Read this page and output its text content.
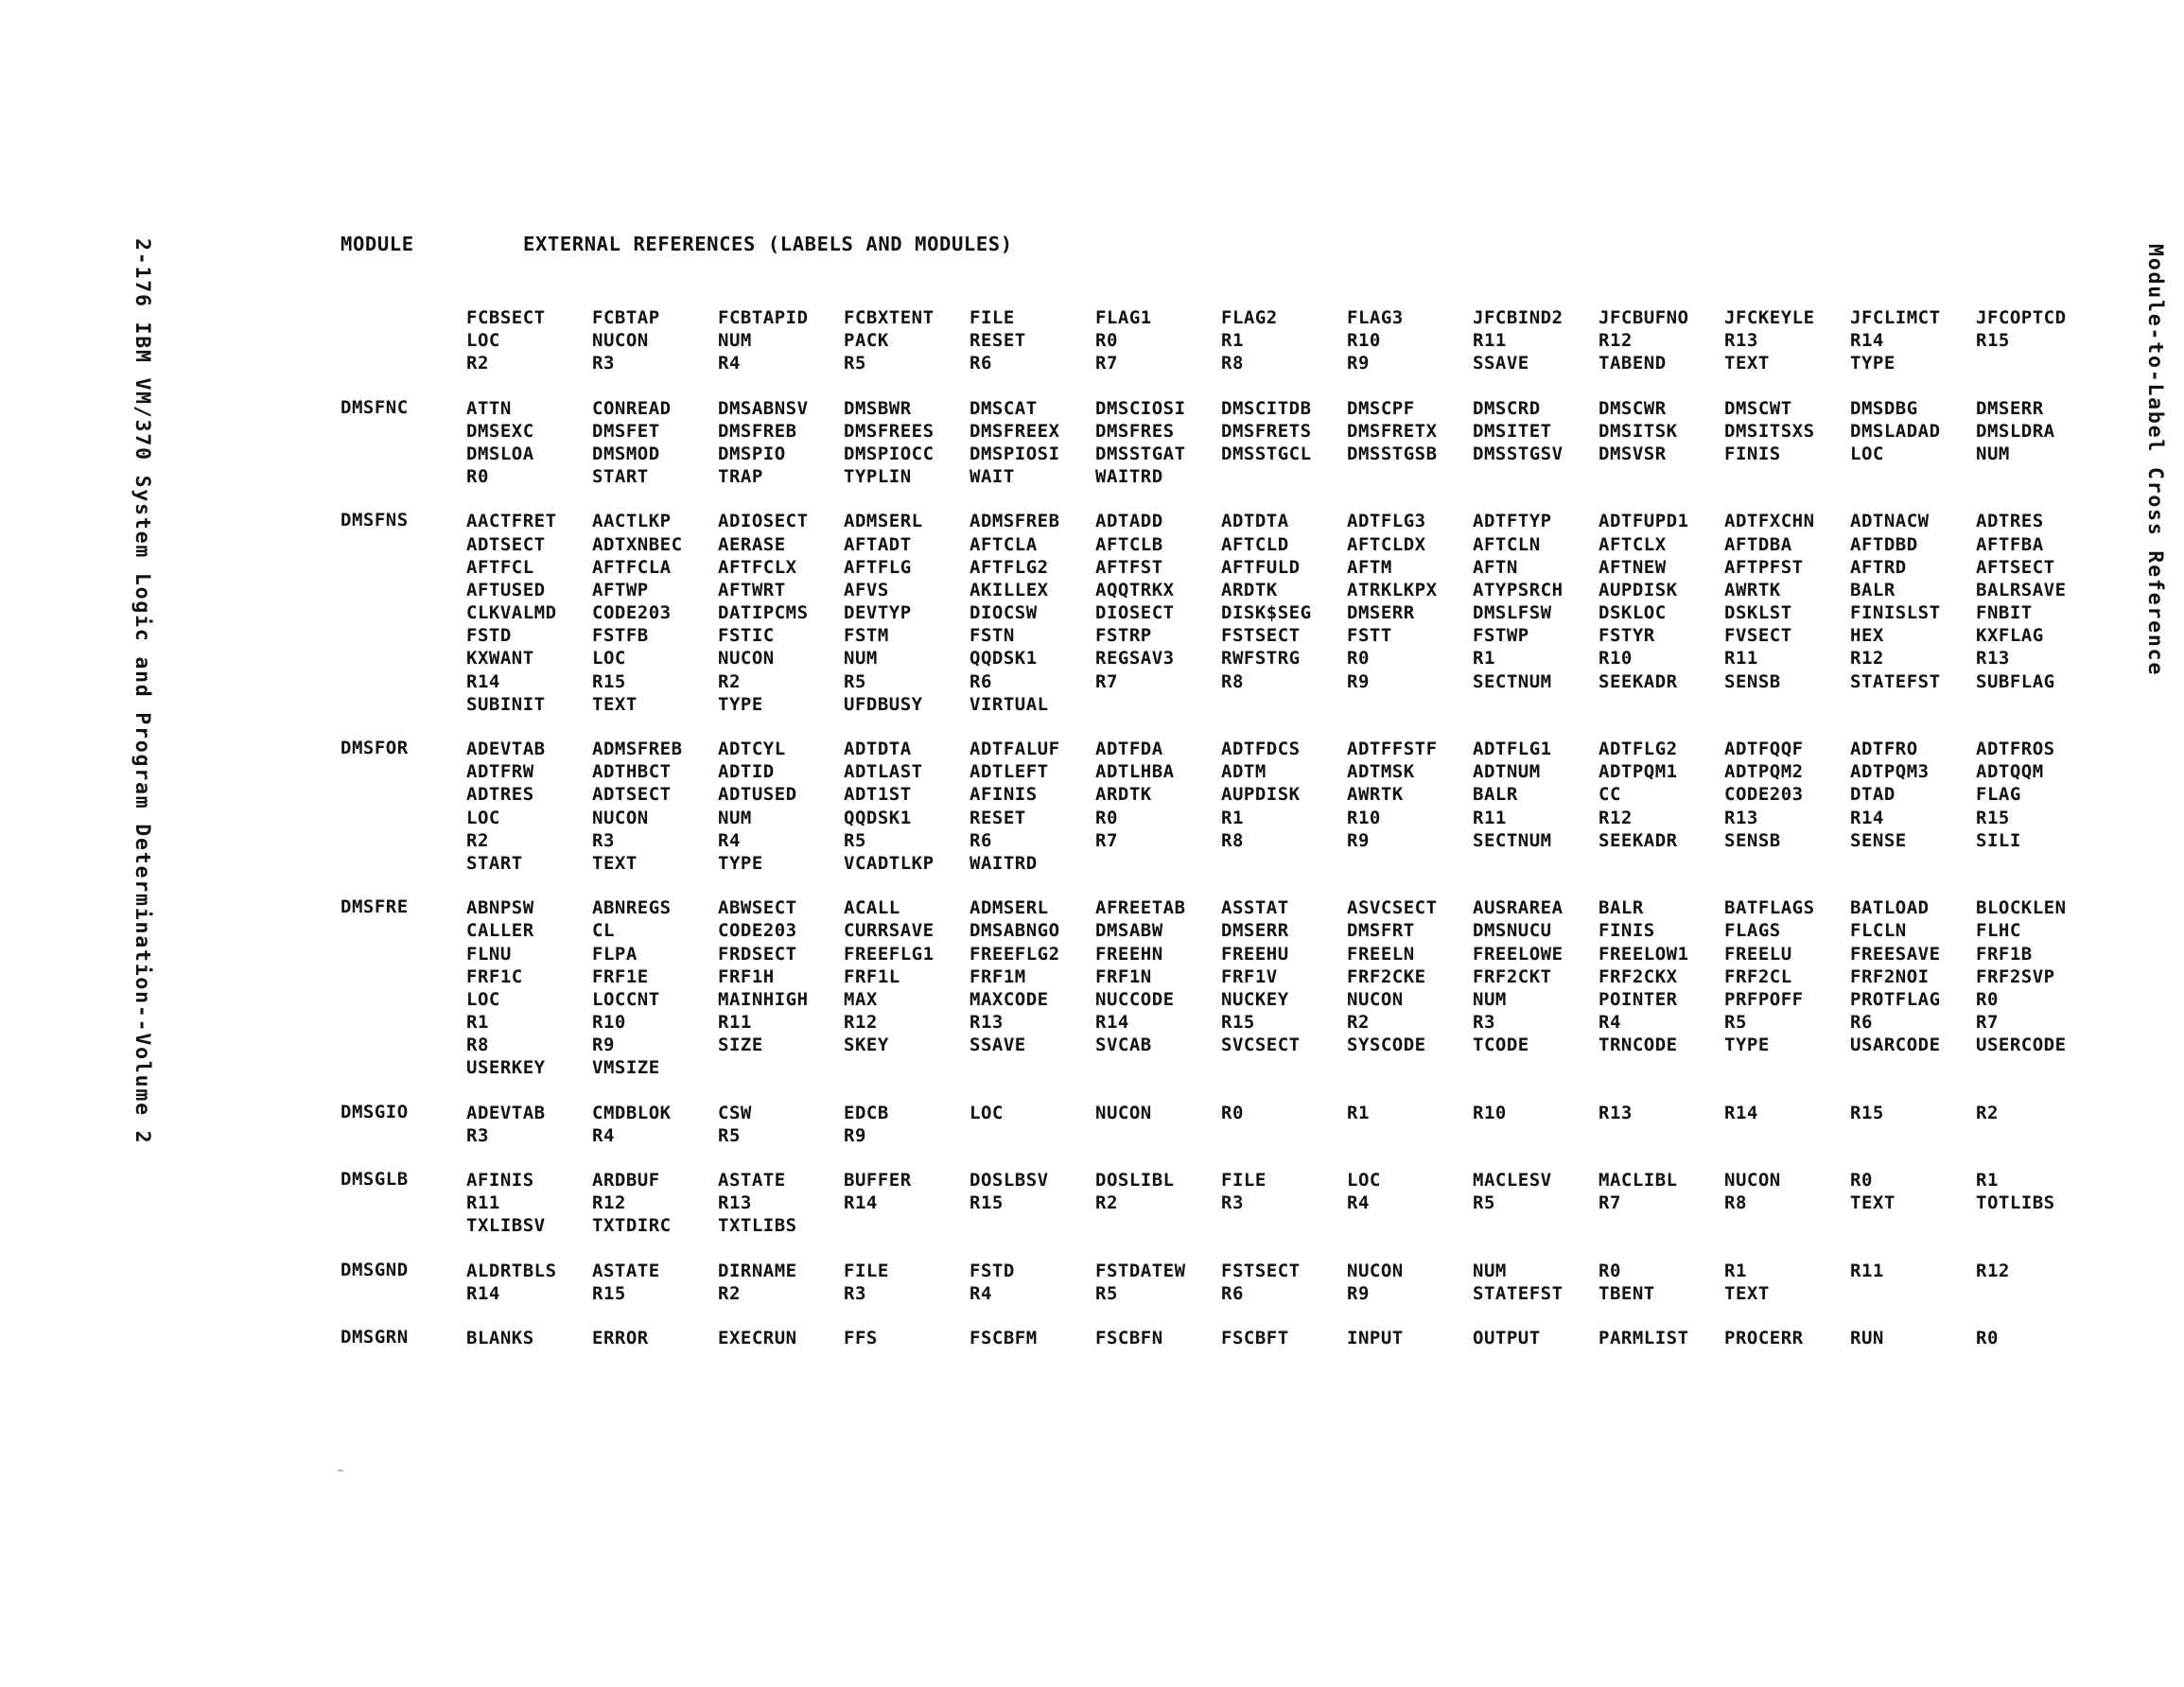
2-176 IBM VM/370 System Logic and Program Determination--Volume 2	Module-to-Label Cross Reference
MODULE	EXTERNAL REFERENCES (LABELS AND MODULES)
FCBSECT	FCBTAP	FCBTAPID	FCBXTENT	FILE	FLAG1	FLAG2	FLAG3	JFCBIND2	JFCBUFNO	JFCKEYLE	JFCLIMCT	JFCOPTCD
LOC	NUCON	NUM	PACK	RESET	R0	R1	R10	R11	R12	R13	R14	R15
R2	R3	R4	R5	R6	R7	R8	R9	SSAVE	TABEND	TEXT	TYPE
DMSFNC	ATTN	CONREAD	DMSABNSV	DMSBWR	DMSCAT	DMSCIOSI	DMSCITDB	DMSCPF	DMSCRD	DMSCWR	DMSCWT	DMSDBG	DMSERR
DMSEXC	DMSFET	DMSFREB	DMSFREES	DMSFREEX	DMSFRES	DMSFRETS	DMSFRETX	DMSITET	DMSITSK	DMSITSXS	DMSLADAD	DMSLDRA
DMSLOA	DMSMOD	DMSPIO	DMSPIOCC	DMSPIOSI	DMSSTGAT	DMSSTGCL	DMSSTGSB	DMSSTGSV	DMSVSR	FINIS	LOC	NUM
R0	START	TRAP	TYPLIN	WAIT	WAITRD
DMSFNS	AACTFRET	AACTLKP	ADIOSECT	ADMSERL	ADMSFREB	ADTADD	ADTDTA	ADTFLG3	ADTFTYP	ADTFUPD1	ADTFXCHN	ADTNACW	ADTRES
ADTSECT	ADTXNBEC	AERASE	AFTADT	AFTCLA	AFTCLB	AFTCLD	AFTCLDX	AFTCLN	AFTCLX	AFTDBA	AFTDBD	AFTFBA
AFTFCL	AFTFCLA	AFTFCLX	AFTFLG	AFTFLG2	AFTFST	AFTFULD	AFTM	AFTN	AFTNEW	AFTPFST	AFTRD	AFTSECT
AFTUSED	AFTWP	AFTWRT	AFVS	AKILLEX	AQQTRKX	ARDTK	ATRKLKPX	ATYPSRCH	AUPDISK	AWRTK	BALR	BALRSAVE
CLKVALMD	CODE203	DATIPCMS	DEVTYP	DIOCSW	DIOSECT	DISK$SEG	DMSERR	DMSLFSW	DSKLOC	DSKLST	FINISLST	FNBIT
FSTD	FSTFB	FSTIC	FSTM	FSTN	FSTRP	FSTSECT	FSTT	FSTWP	FSTYR	FVSECT	HEX	KXFLAG
KXWANT	LOC	NUCON	NUM	QQDSK1	REGSAV3	RWFSTRG	R0	R1	R10	R11	R12	R13
R14	R15	R2	R5	R6	R7	R8	R9	SECTNUM	SEEKADR	SENSB	STATEFST	SUBFLAG
SUBINIT	TEXT	TYPE	UFDBUSY	VIRTUAL
DMSFOR	ADEVTAB	ADMSFREB	ADTCYL	ADTDTA	ADTFALUF	ADTFDA	ADTFDCS	ADTFFSTF	ADTFLG1	ADTFLG2	ADTFQQF	ADTFRO	ADTFROS
ADTFRW	ADTHBCT	ADTID	ADTLAST	ADTLEFT	ADTLHBA	ADTM	ADTMSK	ADTNUM	ADTPQM1	ADTPQM2	ADTPQM3	ADTQQM
ADTRES	ADTSECT	ADTUSED	ADT1ST	AFINIS	ARDTK	AUPDISK	AWRTK	BALR	CC	CODE203	DTAD	FLAG
LOC	NUCON	NUM	QQDSK1	RESET	R0	R1	R10	R11	R12	R13	R14	R15
R2	R3	R4	R5	R6	R7	R8	R9	SECTNUM	SEEKADR	SENSB	SENSE	SILI
START	TEXT	TYPE	VCADTLKP	WAITRD
DMSFRE	ABNPSW	ABNREGS	ABWSECT	ACALL	ADMSERL	AFREETAB	ASSTAT	ASVCSECT	AUSRAREA	BALR	BATFLAGS	BATLOAD	BLOCKLEN
CALLER	CL	CODE203	CURRSAVE	DMSABNGO	DMSABW	DMSERR	DMSFRT	DMSNUCU	FINIS	FLAGS	FLCLN	FLHC
FLNU	FLPA	FRDSECT	FREEFLG1	FREEFLG2	FREEHN	FREEHU	FREELN	FREELOWE	FREELOW1	FREELU	FREESAVE	FRF1B
FRF1C	FRF1E	FRF1H	FRF1L	FRF1M	FRF1N	FRF1V	FRF2CKE	FRF2CKT	FRF2CKX	FRF2CL	FRF2NOI	FRF2SVP
LOC	LOCCNT	MAINHIGH	MAX	MAXCODE	NUCCODE	NUCKEY	NUCON	NUM	POINTER	PRFPOFF	PROTFLAG	R0
R1	R10	R11	R12	R13	R14	R15	R2	R3	R4	R5	R6	R7
R8	R9	SIZE	SKEY	SSAVE	SVCAB	SVCSECT	SYSCODE	TCODE	TRNCODE	TYPE	USARCODE	USERCODE
USERKEY	VMSIZE
DMSGIO	ADEVTAB	CMDBLOK	CSW	EDCB	LOC	NUCON	R0	R1	R10	R13	R14	R15	R2
R3	R4	R5	R9
DMSGLB	AFINIS	ARDBUF	ASTATE	BUFFER	DOSLBSV	DOSLIBL	FILE	LOC	MACLESV	MACLIBL	NUCON	R0	R1
R11	R12	R13	R14	R15	R2	R3	R4	R5	R7	R8	TEXT	TOTLIBS
TXLIBSV	TXTDIRC	TXTLIBS
DMSGND	ALDRTBLS	ASTATE	DIRNAME	FILE	FSTD	FSTDATEW	FSTSECT	NUCON	NUM	R0	R1	R11	R12
R14	R15	R2	R3	R4	R5	R6	R9	STATEFST	TBENT	TEXT
DMSGRN	BLANKS	ERROR	EXECRUN	FFS	FSCBFM	FSCBFN	FSCBFT	INPUT	OUTPUT	PARMLIST	PROCERR	RUN	R0
